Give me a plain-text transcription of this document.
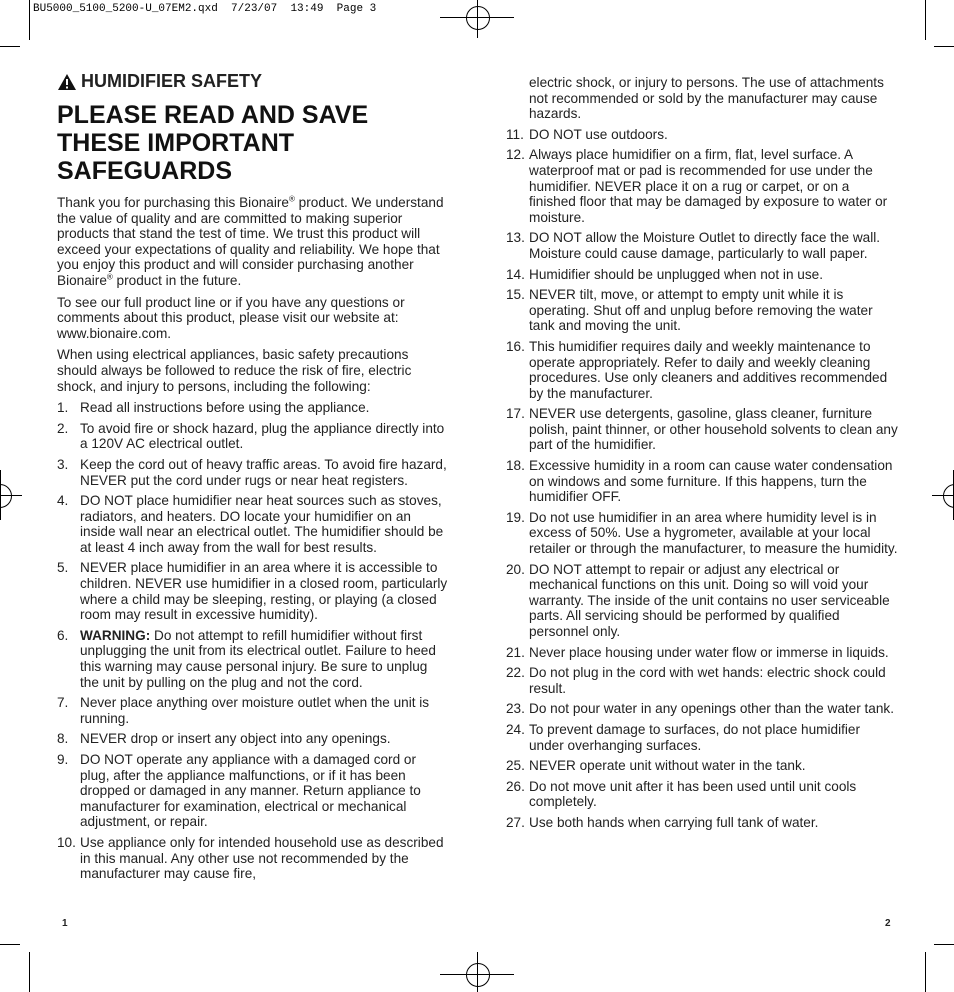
BU5000_5100_5200-U_07EM2.qxd  7/23/07  13:49  Page 3
HUMIDIFIER SAFETY
PLEASE READ AND SAVE
THESE IMPORTANT
SAFEGUARDS

Thank you for purchasing this Bionaire® product. We understand the value of quality and are committed to making superior products that stand the test of time. We trust this product will exceed your expectations of quality and reliability. We hope that you enjoy this product and will consider purchasing another Bionaire® product in the future.

To see our full product line or if you have any questions or comments about this product, please visit our website at: www.bionaire.com.

When using electrical appliances, basic safety precautions should always be followed to reduce the risk of fire, electric shock, and injury to persons, including the following:

1. Read all instructions before using the appliance.
2. To avoid fire or shock hazard, plug the appliance directly into a 120V AC electrical outlet.
3. Keep the cord out of heavy traffic areas. To avoid fire hazard, NEVER put the cord under rugs or near heat registers.
4. DO NOT place humidifier near heat sources such as stoves, radiators, and heaters. DO locate your humidifier on an inside wall near an electrical outlet. The humidifier should be at least 4 inch away from the wall for best results.
5. NEVER place humidifier in an area where it is accessible to children. NEVER use humidifier in a closed room, particularly where a child may be sleeping, resting, or playing (a closed room may result in excessive humidity).
6. WARNING: Do not attempt to refill humidifier without first unplugging the unit from its electrical outlet. Failure to heed this warning may cause personal injury. Be sure to unplug the unit by pulling on the plug and not the cord.
7. Never place anything over moisture outlet when the unit is running.
8. NEVER drop or insert any object into any openings.
9. DO NOT operate any appliance with a damaged cord or plug, after the appliance malfunctions, or if it has been dropped or damaged in any manner. Return appliance to manufacturer for examination, electrical or mechanical adjustment, or repair.
10. Use appliance only for intended household use as described in this manual. Any other use not recommended by the manufacturer may cause fire,
electric shock, or injury to persons. The use of attachments not recommended or sold by the manufacturer may cause hazards.
11. DO NOT use outdoors.
12. Always place humidifier on a firm, flat, level surface. A waterproof mat or pad is recommended for use under the humidifier. NEVER place it on a rug or carpet, or on a finished floor that may be damaged by exposure to water or moisture.
13. DO NOT allow the Moisture Outlet to directly face the wall. Moisture could cause damage, particularly to wall paper.
14. Humidifier should be unplugged when not in use.
15. NEVER tilt, move, or attempt to empty unit while it is operating. Shut off and unplug before removing the water tank and moving the unit.
16. This humidifier requires daily and weekly maintenance to operate appropriately. Refer to daily and weekly cleaning procedures. Use only cleaners and additives recommended by the manufacturer.
17. NEVER use detergents, gasoline, glass cleaner, furniture polish, paint thinner, or other household solvents to clean any part of the humidifier.
18. Excessive humidity in a room can cause water condensation on windows and some furniture. If this happens, turn the humidifier OFF.
19. Do not use humidifier in an area where humidity level is in excess of 50%. Use a hygrometer, available at your local retailer or through the manufacturer, to measure the humidity.
20. DO NOT attempt to repair or adjust any electrical or mechanical functions on this unit. Doing so will void your warranty. The inside of the unit contains no user serviceable parts. All servicing should be performed by qualified personnel only.
21. Never place housing under water flow or immerse in liquids.
22. Do not plug in the cord with wet hands: electric shock could result.
23. Do not pour water in any openings other than the water tank.
24. To prevent damage to surfaces, do not place humidifier under overhanging surfaces.
25. NEVER operate unit without water in the tank.
26. Do not move unit after it has been used until unit cools completely.
27. Use both hands when carrying full tank of water.
1	2
